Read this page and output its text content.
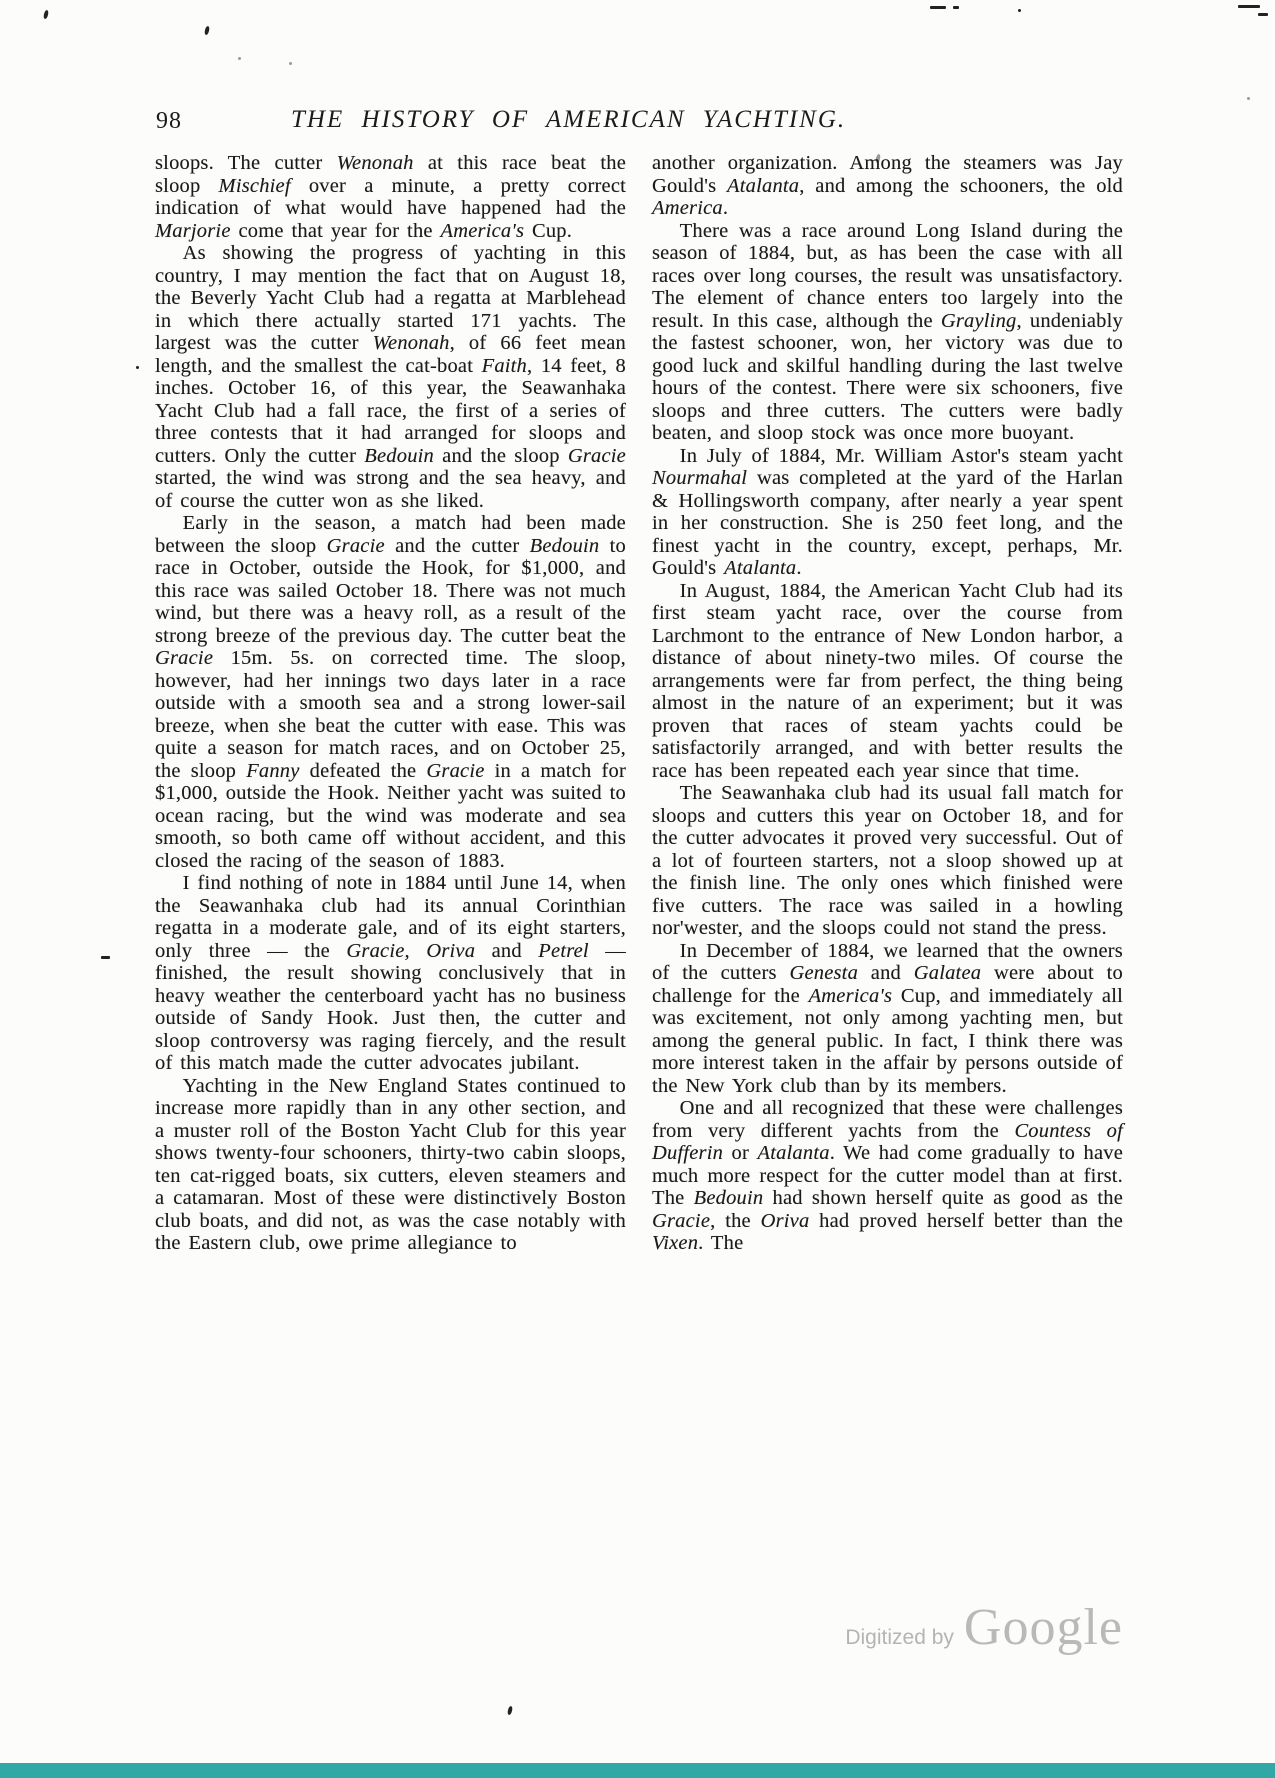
98	THE HISTORY OF AMERICAN YACHTING.

sloops. The cutter Wenonah at this race beat the sloop Mischief over a minute, a pretty correct indication of what would have happened had the Marjorie come that year for the America's Cup.

As showing the progress of yachting in this country, I may mention the fact that on August 18, the Beverly Yacht Club had a regatta at Marblehead in which there actually started 171 yachts. The largest was the cutter Wenonah, of 66 feet mean length, and the smallest the cat-boat Faith, 14 feet, 8 inches. October 16, of this year, the Seawanhaka Yacht Club had a fall race, the first of a series of three contests that it had arranged for sloops and cutters. Only the cutter Bedouin and the sloop Gracie started, the wind was strong and the sea heavy, and of course the cutter won as she liked.

Early in the season, a match had been made between the sloop Gracie and the cutter Bedouin to race in October, outside the Hook, for $1,000, and this race was sailed October 18. There was not much wind, but there was a heavy roll, as a result of the strong breeze of the previous day. The cutter beat the Gracie 15m. 5s. on corrected time. The sloop, however, had her innings two days later in a race outside with a smooth sea and a strong lower-sail breeze, when she beat the cutter with ease. This was quite a season for match races, and on October 25, the sloop Fanny defeated the Gracie in a match for $1,000, outside the Hook. Neither yacht was suited to ocean racing, but the wind was moderate and sea smooth, so both came off without accident, and this closed the racing of the season of 1883.

I find nothing of note in 1884 until June 14, when the Seawanhaka club had its annual Corinthian regatta in a moderate gale, and of its eight starters, only three — the Gracie, Oriva and Petrel — finished, the result showing conclusively that in heavy weather the centerboard yacht has no business outside of Sandy Hook. Just then, the cutter and sloop controversy was raging fiercely, and the result of this match made the cutter advocates jubilant.

Yachting in the New England States continued to increase more rapidly than in any other section, and a muster roll of the Boston Yacht Club for this year shows twenty-four schooners, thirty-two cabin sloops, ten cat-rigged boats, six cutters, eleven steamers and a catamaran. Most of these were distinctively Boston club boats, and did not, as was the case notably with the Eastern club, owe prime allegiance to

another organization. Among the steamers was Jay Gould's Atalanta, and among the schooners, the old America.

There was a race around Long Island during the season of 1884, but, as has been the case with all races over long courses, the result was unsatisfactory. The element of chance enters too largely into the result. In this case, although the Grayling, undeniably the fastest schooner, won, her victory was due to good luck and skilful handling during the last twelve hours of the contest. There were six schooners, five sloops and three cutters. The cutters were badly beaten, and sloop stock was once more buoyant.

In July of 1884, Mr. William Astor's steam yacht Nourmahal was completed at the yard of the Harlan & Hollingsworth company, after nearly a year spent in her construction. She is 250 feet long, and the finest yacht in the country, except, perhaps, Mr. Gould's Atalanta.

In August, 1884, the American Yacht Club had its first steam yacht race, over the course from Larchmont to the entrance of New London harbor, a distance of about ninety-two miles. Of course the arrangements were far from perfect, the thing being almost in the nature of an experiment; but it was proven that races of steam yachts could be satisfactorily arranged, and with better results the race has been repeated each year since that time.

The Seawanhaka club had its usual fall match for sloops and cutters this year on October 18, and for the cutter advocates it proved very successful. Out of a lot of fourteen starters, not a sloop showed up at the finish line. The only ones which finished were five cutters. The race was sailed in a howling nor'wester, and the sloops could not stand the press.

In December of 1884, we learned that the owners of the cutters Genesta and Galatea were about to challenge for the America's Cup, and immediately all was excitement, not only among yachting men, but among the general public. In fact, I think there was more interest taken in the affair by persons outside of the New York club than by its members.

One and all recognized that these were challenges from very different yachts from the Countess of Dufferin or Atalanta. We had come gradually to have much more respect for the cutter model than at first. The Bedouin had shown herself quite as good as the Gracie, the Oriva had proved herself better than the Vixen. The

Digitized by Google
